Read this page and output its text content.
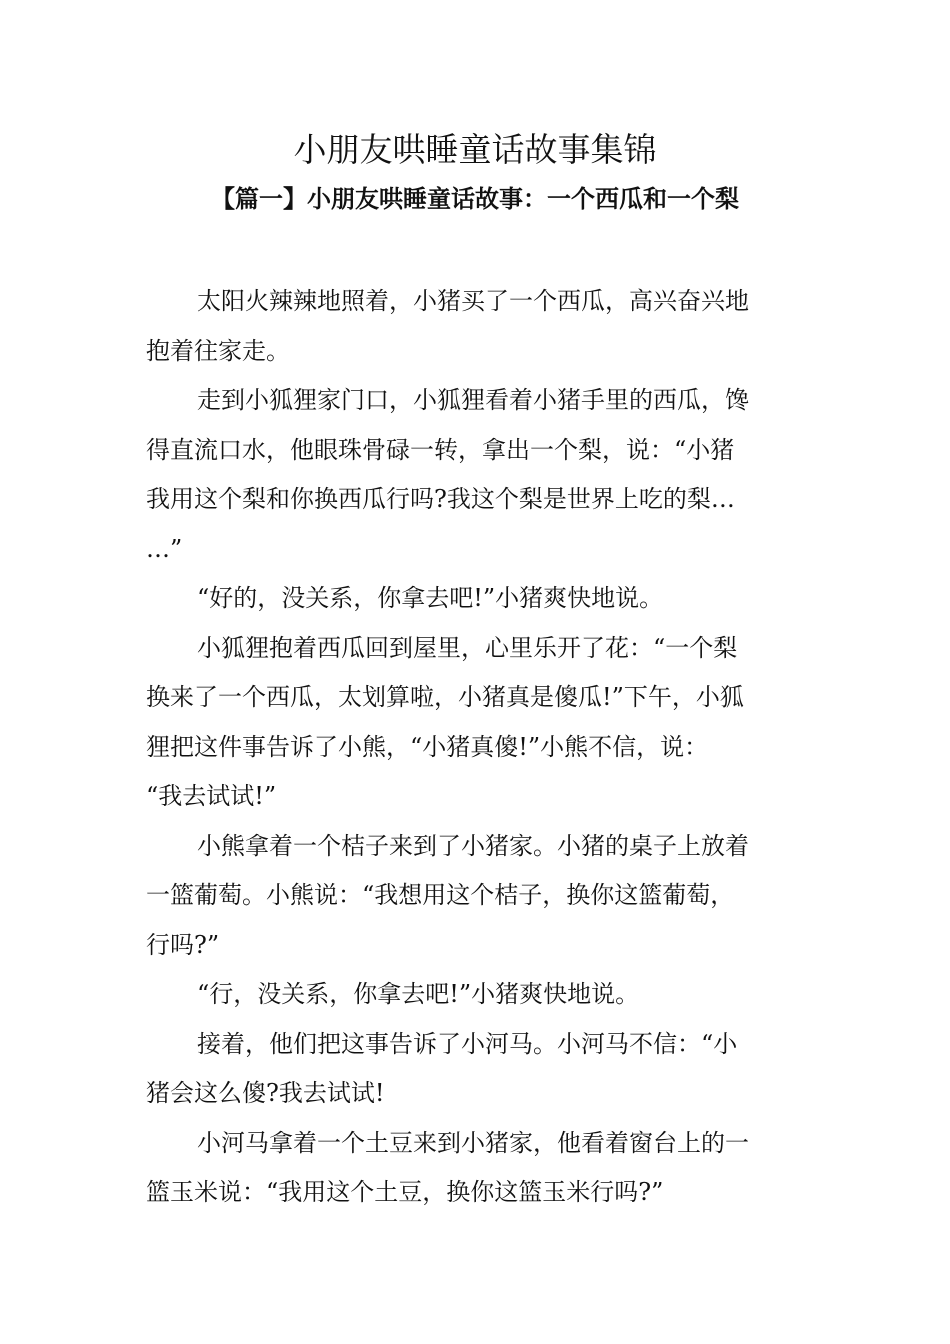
小朋友哄睡童话故事集锦
【篇一】小朋友哄睡童话故事：一个西瓜和一个梨
太阳火辣辣地照着，小猪买了一个西瓜，高兴奋兴地
抱着往家走。
走到小狐狸家门口，小狐狸看着小猪手里的西瓜，馋
得直流口水，他眼珠骨碌一转，拿出一个梨，说：“小猪
我用这个梨和你换西瓜行吗?我这个梨是世界上吃的梨…
…”
“好的，没关系，你拿去吧!”小猪爽快地说。
小狐狸抱着西瓜回到屋里，心里乐开了花：“一个梨
换来了一个西瓜，太划算啦，小猪真是傻瓜!”下午，小狐
狸把这件事告诉了小熊，“小猪真傻!”小熊不信，说：
“我去试试!”
小熊拿着一个桔子来到了小猪家。小猪的桌子上放着
一篮葡萄。小熊说：“我想用这个桔子，换你这篮葡萄，
行吗?”
“行，没关系，你拿去吧!”小猪爽快地说。
接着，他们把这事告诉了小河马。小河马不信：“小
猪会这么傻?我去试试!
小河马拿着一个土豆来到小猪家，他看着窗台上的一
篮玉米说：“我用这个土豆，换你这篮玉米行吗?”
